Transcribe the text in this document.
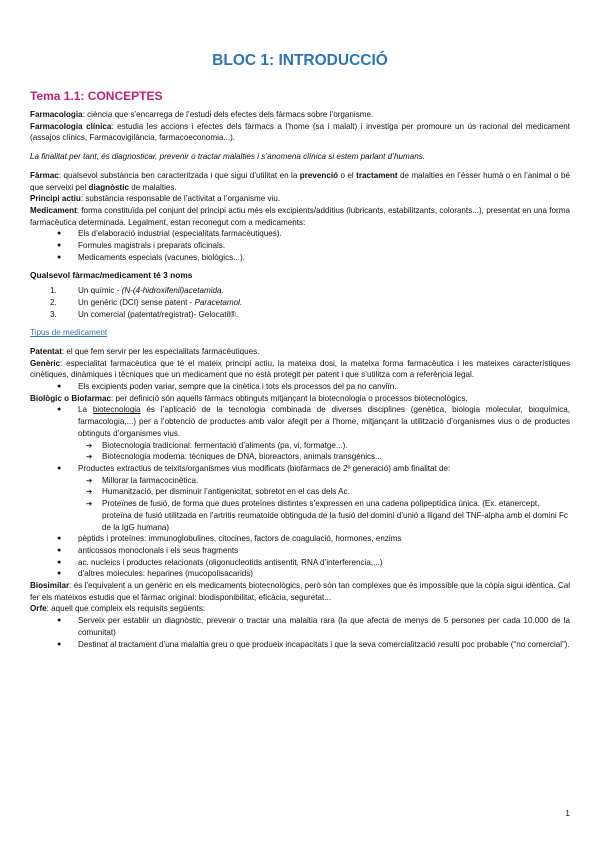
BLOC 1: INTRODUCCIÓ
Tema 1.1: CONCEPTES

Farmacologia: ciència que s’encarrega de l’estudi dels efectes dels fàrmacs sobre l’organisme.

Farmacologia clínica: estudia les accions i efectes dels fàrmacs a l’home (sa i malalt) i investiga per promoure un ús racional del medicament (assajos clínics, Farmacovigilància, farmacoeconomia...).

La finalitat per tant, és diagnosticar, prevenir o tractar malalties i s’anomena clínica si estem parlant d’humans.

Fàrmac: qualsevol substància ben caracteritzada i que sigui d’utilitat en la prevenció o el tractament de malalties en l’ésser humà o en l’animal o bé que serveixi pel diagnòstic de malalties.

Principi actiu: substància responsable de l’activitat a l’organisme viu.

Medicament: forma constituïda pel conjunt del principi actiu més els excipients/additius (lubricants, estabilitzants, colorants...), presentat en una forma farmacèutica determinada. Legalment, estan reconegut com a medicaments:

● Els d’elaboració industrial (especialitats farmacèutiques).
● Formules magistrals i preparats oficinals.
● Medicaments especials (vacunes, biològics...).

Qualsevol fàrmac/medicament té 3 noms

1.	Un químic - (N-(4-hidroxifenil)acetamida.
2.	Un genèric (DCI) sense patent - Paracetamol.
3.	Un comercial (patentat/registrat)- Gelocatil®.

Tipus de medicament

Patentat: el que fem servir per les especialitats farmacèutiques.

Genèric: especialitat farmacèutica que té el mateix principi actiu, la mateixa dosi, la mateixa forma farmacèutica i les mateixes característiques cinètiques, dinàmiques i tècniques que un medicament que no està protegit per patent i que s’utilitza com a referència legal.

● Els excipients poden variar, sempre que la cinètica i tots els processos del pa no canviïn.

Biològic o Biofarmac: per definició són aquells fàrmacs obtinguts mitjançant la biotecnologia o processos biotecnològics.

● La biotecnologia és l’aplicació de la tecnologia combinada de diverses disciplines (genètica, biologia molecular, bioquímica, farmacologia,...) per a l’obtenció de productes amb valor afegit per a l’home, mitjançant la utilització d’organismes vius o de productes obtinguts d’organismes vius.
➔ Biotecnologia tradicional: fermentació d’aliments (pa, vi, formatge...).
➔ Biotecnologia moderna: tècniques de DNA, bioreactors, animals transgènics...
● Productes extractius de teixits/organismes vius modificats (biofàrmacs de 2º generació) amb finalitat de:
➔ Millorar la farmacocinètica.
➔ Humanització, per disminuir l’antigenicitat, sobretot en el cas dels Ac.
➔ Proteïnes de fusió, de forma que dues proteïnes distintes s’expressen en una cadena polipeptídica única. (Ex. etanercept, proteïna de fusió utilitzada en l’artritis reumatoide obtinguda de la fusió del domini d’unió a lligand del TNF-alpha amb el domini Fc de la IgG humana)
● pèptids i proteïnes: immunoglobulines, citocines, factors de coagulació, hormones, enzims
● anticossos monoclonals i els seus fragments
● ac. nucleics i productes relacionats (oligonucleotids antisentit, RNA d’interferencia,...)
● d’altres molecules: heparines (mucopolisacarids)

Biosimilar: és l’equivalent a un genèric en els medicaments biotecnològics, però són tan complexes que és impossible que la còpia sigui idèntica. Cal fer els mateixos estudis que el fàrmac original: biodisponibilitat, eficàcia, seguretat...

Orfe: aquell que compleix els requisits següents:

● Serveix per establir un diagnòstic, prevenir o tractar una malaltia rara (la que afecta de menys de 5 persones per cada 10.000 de la comunitat)
● Destinat al tractament d’una malaltia greu o que produeix incapacitats i que la seva comercialització resulti poc probable (“no comercial”).
1
